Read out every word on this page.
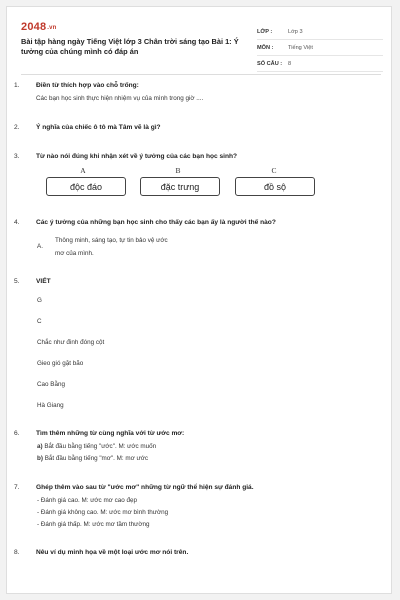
2048.vn
Bài tập hàng ngày Tiếng Việt lớp 3 Chân trời sáng tạo Bài 1: Ý tưởng của chúng mình có đáp án
LỚP :	Lớp 3
MÔN :	Tiếng Việt
SỐ CÂU :	8
1.	Điền từ thích hợp vào chỗ trống:
Các bạn học sinh thực hiện nhiệm vụ của mình trong giờ ....
2.	Ý nghĩa của chiếc ô tô mà Tâm vẽ là gì?
3.	Từ nào nói đúng khi nhận xét về ý tưởng của các bạn học sinh?
A	B	C
độc đáo	đặc trưng	đồ sộ
4.	Các ý tưởng của những bạn học sinh cho thấy các bạn ấy là người thế nào?
A.
Thông minh, sáng tạo, tự tin bảo vệ ước
mơ của mình.
5.	VIẾT
G
C
Chắc như đinh đóng cột
Gieo gió gặt bão
Cao Bằng
Hà Giang
6.	Tìm thêm những từ cùng nghĩa với từ ước mơ:
a) Bắt đầu bằng tiếng "ước". M: ước muốn
b) Bắt đầu bằng tiếng "mơ". M: mơ ước
7.	Ghép thêm vào sau từ "ước mơ" những từ ngữ thể hiện sự đánh giá.
- Đánh giá cao. M: ước mơ cao đẹp
- Đánh giá không cao. M: ước mơ bình thường
- Đánh giá thấp. M: ước mơ tầm thường
8.	Nêu ví dụ minh họa về một loại ước mơ nói trên.
